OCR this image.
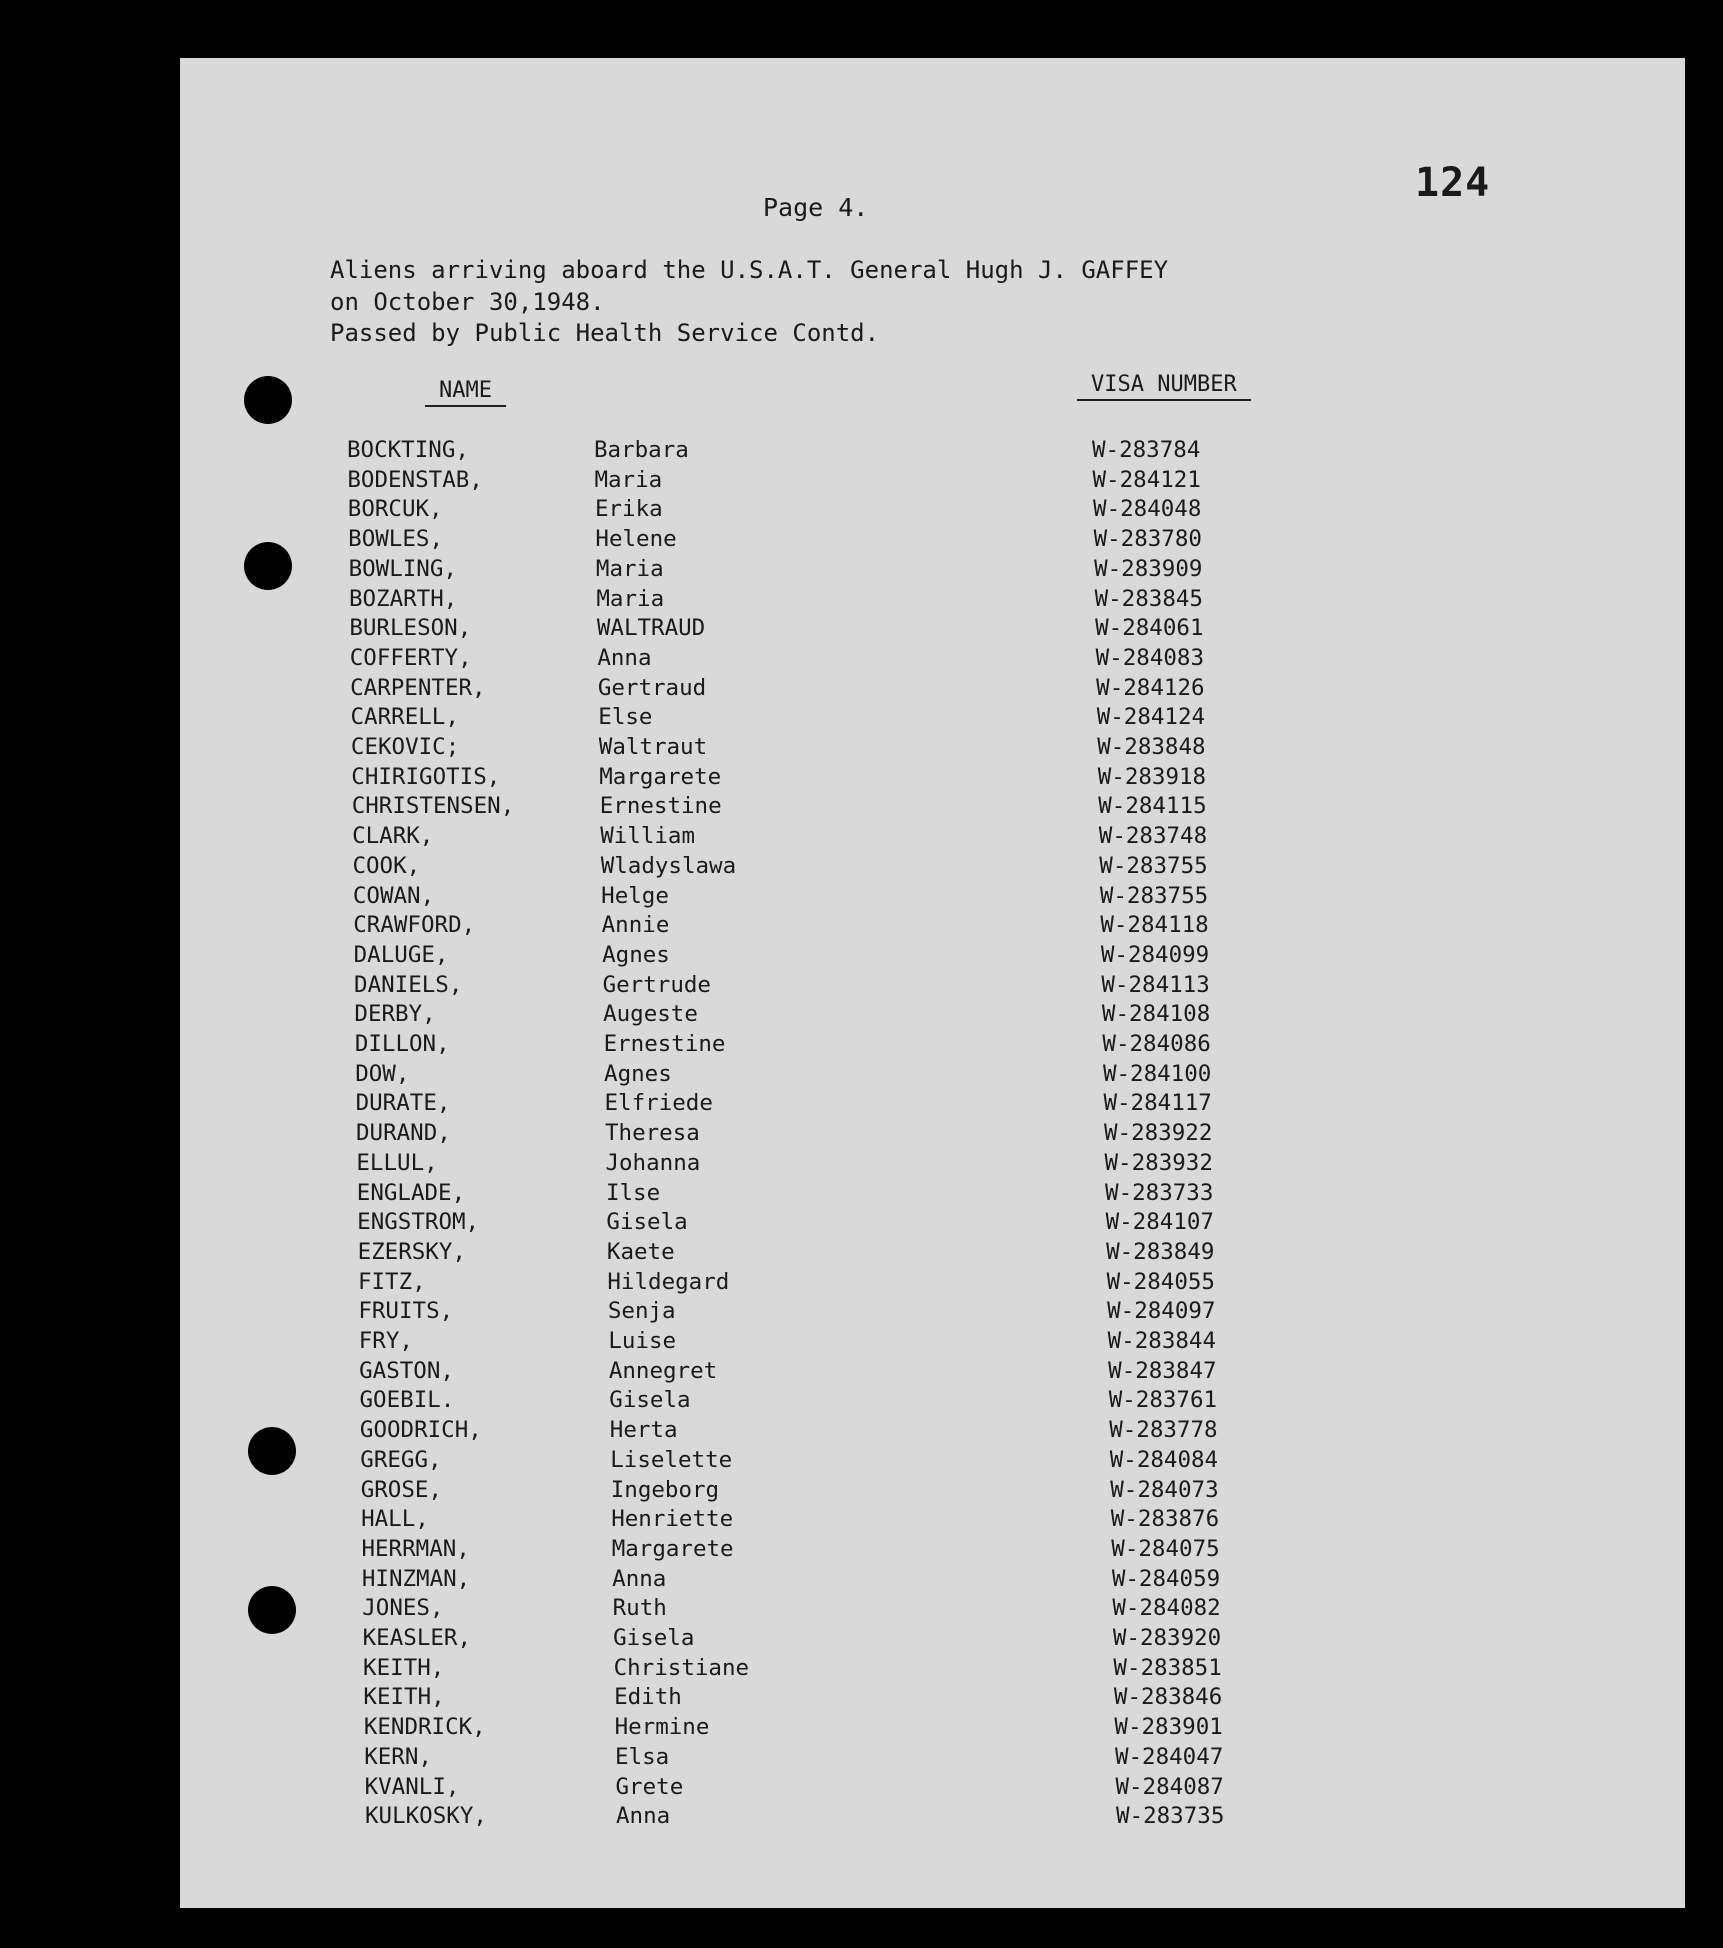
Page 4.
124
Aliens arriving aboard the U.S.A.T. General Hugh J. GAFFEY
on October 30,1948.
Passed by Public Health Service Contd.
NAME	VISA NUMBER
BOCKTING,	Barbara	W-283784
BODENSTAB,	Maria	W-284121
BORCUK,	Erika	W-284048
BOWLES,	Helene	W-283780
BOWLING,	Maria	W-283909
BOZARTH,	Maria	W-283845
BURLESON,	WALTRAUD	W-284061
COFFERTY,	Anna	W-284083
CARPENTER,	Gertraud	W-284126
CARRELL,	Else	W-284124
CEKOVIC;	Waltraut	W-283848
CHIRIGOTIS,	Margarete	W-283918
CHRISTENSEN,	Ernestine	W-284115
CLARK,	William	W-283748
COOK,	Wladyslawa	W-283755
COWAN,	Helge	W-283755
CRAWFORD,	Annie	W-284118
DALUGE,	Agnes	W-284099
DANIELS,	Gertrude	W-284113
DERBY,	Augeste	W-284108
DILLON,	Ernestine	W-284086
DOW,	Agnes	W-284100
DURATE,	Elfriede	W-284117
DURAND,	Theresa	W-283922
ELLUL,	Johanna	W-283932
ENGLADE,	Ilse	W-283733
ENGSTROM,	Gisela	W-284107
EZERSKY,	Kaete	W-283849
FITZ,	Hildegard	W-284055
FRUITS,	Senja	W-284097
FRY,	Luise	W-283844
GASTON,	Annegret	W-283847
GOEBIL.	Gisela	W-283761
GOODRICH,	Herta	W-283778
GREGG,	Liselette	W-284084
GROSE,	Ingeborg	W-284073
HALL,	Henriette	W-283876
HERRMAN,	Margarete	W-284075
HINZMAN,	Anna	W-284059
JONES,	Ruth	W-284082
KEASLER,	Gisela	W-283920
KEITH,	Christiane	W-283851
KEITH,	Edith	W-283846
KENDRICK,	Hermine	W-283901
KERN,	Elsa	W-284047
KVANLI,	Grete	W-284087
KULKOSKY,	Anna	W-283735
